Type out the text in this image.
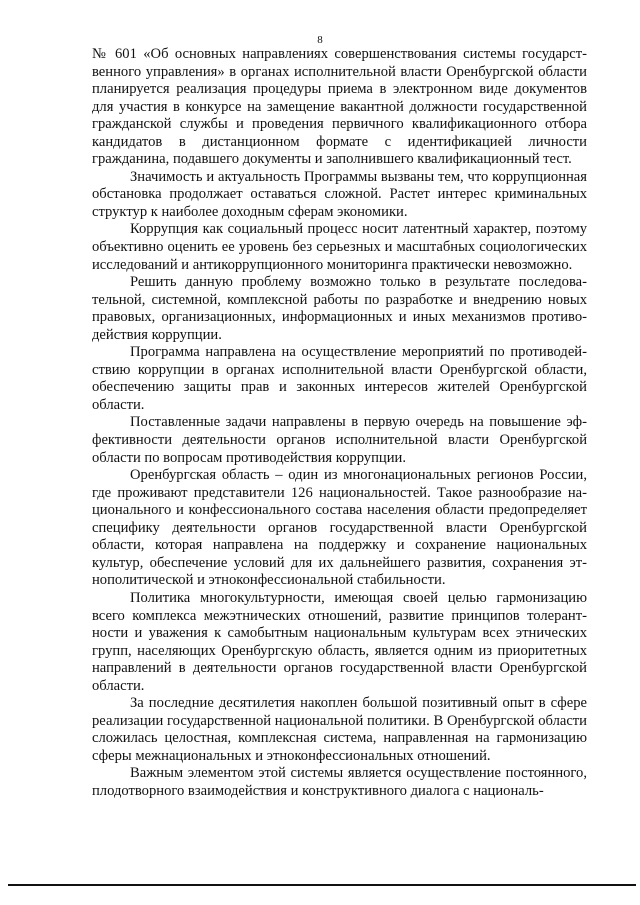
8

№ 601 «Об основных направлениях совершенствования системы государственного управления» в органах исполнительной власти Оренбургской области планируется реализация процедуры приема в электронном виде документов для участия в конкурсе на замещение вакантной должности государственной гражданской службы и проведения первичного квалификационного отбора кандидатов в дистанционном формате с идентификацией личности гражданина, подавшего документы и заполнившего квалификационный тест.

Значимость и актуальность Программы вызваны тем, что коррупционная обстановка продолжает оставаться сложной. Растет интерес криминальных структур к наиболее доходным сферам экономики.

Коррупция как социальный процесс носит латентный характер, поэтому объективно оценить ее уровень без серьезных и масштабных социологических исследований и антикоррупционного мониторинга практически невозможно.

Решить данную проблему возможно только в результате последовательной, системной, комплексной работы по разработке и внедрению новых правовых, организационных, информационных и иных механизмов противодействия коррупции.

Программа направлена на осуществление мероприятий по противодействию коррупции в органах исполнительной власти Оренбургской области, обеспечению защиты прав и законных интересов жителей Оренбургской области.

Поставленные задачи направлены в первую очередь на повышение эффективности деятельности органов исполнительной власти Оренбургской области по вопросам противодействия коррупции.

Оренбургская область – один из многонациональных регионов России, где проживают представители 126 национальностей. Такое разнообразие национального и конфессионального состава населения области предопределяет специфику деятельности органов государственной власти Оренбургской области, которая направлена на поддержку и сохранение национальных культур, обеспечение условий для их дальнейшего развития, сохранения этнополитической и этноконфессиональной стабильности.

Политика многокультурности, имеющая своей целью гармонизацию всего комплекса межэтнических отношений, развитие принципов толерантности и уважения к самобытным национальным культурам всех этнических групп, населяющих Оренбургскую область, является одним из приоритетных направлений в деятельности органов государственной власти Оренбургской области.

За последние десятилетия накоплен большой позитивный опыт в сфере реализации государственной национальной политики. В Оренбургской области сложилась целостная, комплексная система, направленная на гармонизацию сферы межнациональных и этноконфессиональных отношений.

Важным элементом этой системы является осуществление постоянного, плодотворного взаимодействия и конструктивного диалога с националь-
